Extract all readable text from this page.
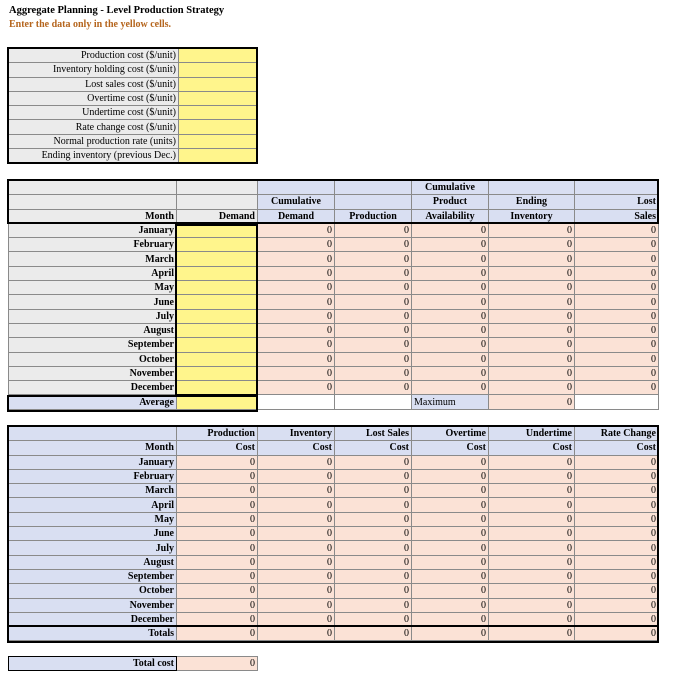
Aggregate Planning - Level Production Strategy
Enter the data only in the yellow cells.
Production cost ($/unit)	
Inventory holding cost ($/unit)	
Lost sales cost ($/unit)	
Overtime cost ($/unit)	
Undertime cost ($/unit)	
Rate change cost ($/unit)	
Normal production rate (units)	
Ending inventory (previous Dec.)	
				Cumulative		
		Cumulative		Product	Ending	Lost
Month	Demand	Demand	Production	Availability	Inventory	Sales
January		0	0	0	0	0
February		0	0	0	0	0
March		0	0	0	0	0
April		0	0	0	0	0
May		0	0	0	0	0
June		0	0	0	0	0
July		0	0	0	0	0
August		0	0	0	0	0
September		0	0	0	0	0
October		0	0	0	0	0
November		0	0	0	0	0
December		0	0	0	0	0
Average				Maximum	0	
	Production	Inventory	Lost Sales	Overtime	Undertime	Rate Change
Month	Cost	Cost	Cost	Cost	Cost	Cost
January	0	0	0	0	0	0
February	0	0	0	0	0	0
March	0	0	0	0	0	0
April	0	0	0	0	0	0
May	0	0	0	0	0	0
June	0	0	0	0	0	0
July	0	0	0	0	0	0
August	0	0	0	0	0	0
September	0	0	0	0	0	0
October	0	0	0	0	0	0
November	0	0	0	0	0	0
December	0	0	0	0	0	0
Totals	0	0	0	0	0	0
Total cost	0
